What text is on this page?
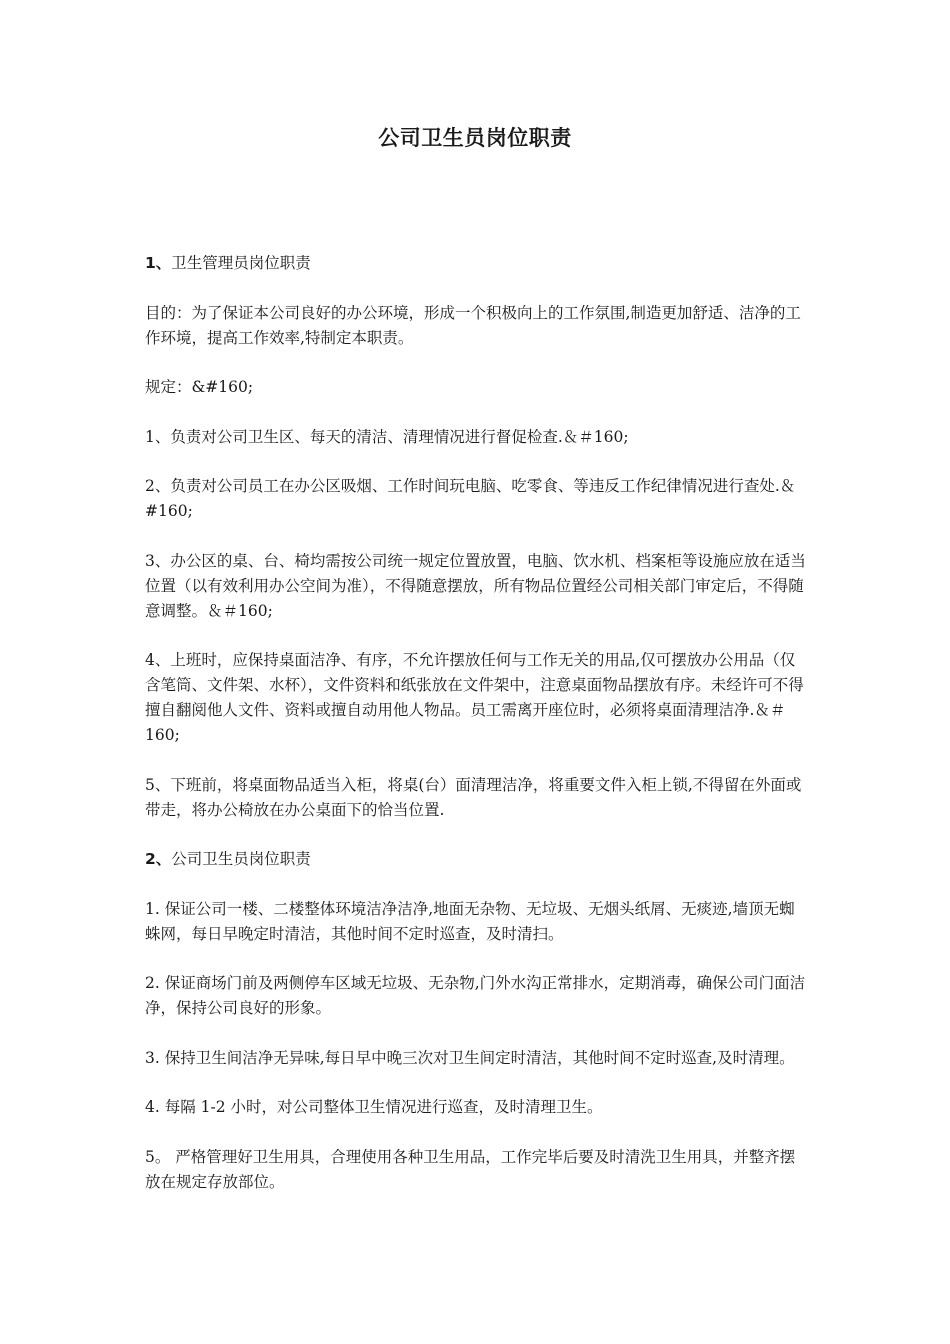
公司卫生员岗位职责

1、卫生管理员岗位职责

目的：为了保证本公司良好的办公环境，形成一个积极向上的工作氛围,制造更加舒适、洁净的工作环境，提高工作效率,特制定本职责。

规定：&#160;

1、负责对公司卫生区、每天的清洁、清理情况进行督促检查.＆＃160;

2、负责对公司员工在办公区吸烟、工作时间玩电脑、吃零食、等违反工作纪律情况进行查处.＆#160;

3、办公区的桌、台、椅均需按公司统一规定位置放置，电脑、饮水机、档案柜等设施应放在适当位置（以有效利用办公空间为准），不得随意摆放，所有物品位置经公司相关部门审定后，不得随意调整。＆＃160;

4、上班时，应保持桌面洁净、有序，不允许摆放任何与工作无关的用品,仅可摆放办公用品（仅含笔筒、文件架、水杯），文件资料和纸张放在文件架中，注意桌面物品摆放有序。未经许可不得擅自翻阅他人文件、资料或擅自动用他人物品。员工需离开座位时，必须将桌面清理洁净.＆＃160;

5、下班前，将桌面物品适当入柜，将桌(台）面清理洁净，将重要文件入柜上锁,不得留在外面或带走，将办公椅放在办公桌面下的恰当位置.

2、公司卫生员岗位职责

1. 保证公司一楼、二楼整体环境洁净洁净,地面无杂物、无垃圾、无烟头纸屑、无痰迹,墙顶无蜘蛛网，每日早晚定时清洁，其他时间不定时巡查，及时清扫。

2. 保证商场门前及两侧停车区域无垃圾、无杂物,门外水沟正常排水，定期消毒，确保公司门面洁净，保持公司良好的形象。

3. 保持卫生间洁净无异味,每日早中晚三次对卫生间定时清洁，其他时间不定时巡查,及时清理。

4. 每隔 1-2 小时，对公司整体卫生情况进行巡查，及时清理卫生。

5。 严格管理好卫生用具，合理使用各种卫生用品，工作完毕后要及时清洗卫生用具，并整齐摆放在规定存放部位。
